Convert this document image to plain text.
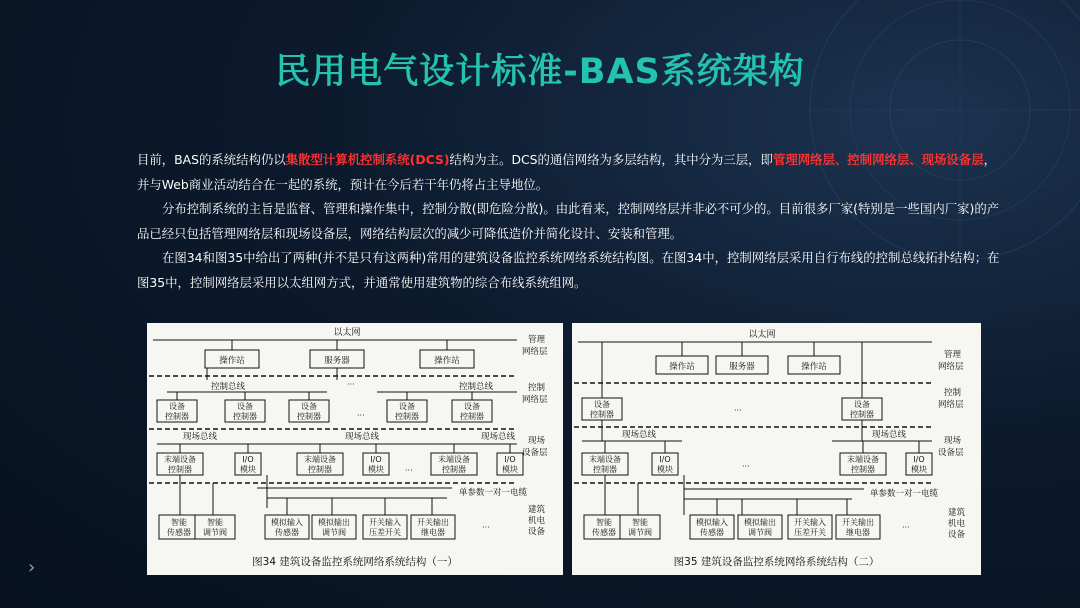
民用电气设计标准-BAS系统架构

目前，BAS的系统结构仍以集散型计算机控制系统(DCS)结构为主。DCS的通信网络为多层结构，其中分为三层，即管理网络层、控制网络层、现场设备层，并与Web商业活动结合在一起的系统，预计在今后若干年仍将占主导地位。

分布控制系统的主旨是监督、管理和操作集中，控制分散(即危险分散)。由此看来，控制网络层并非必不可少的。目前很多厂家(特别是一些国内厂家)的产品已经只包括管理网络层和现场设备层，网络结构层次的减少可降低造价并简化设计、安装和管理。

在图34和图35中给出了两种(并不是只有这两种)常用的建筑设备监控系统网络系统结构图。在图34中，控制网络层采用自行布线的控制总线拓扑结构；在图35中，控制网络层采用以太组网方式，并通常使用建筑物的综合布线系统组网。

以太网
管理
网络层
操作站	服务器	操作站
···
控制总线	控制总线	控制
网络层
设备
控制器
设备
控制器
设备
控制器
设备
控制器
设备
控制器
···
现场总线	现场总线	现场总线 现场
设备层
末端设备
控制器
I/O
模块
末端设备
控制器
I/O
模块
末端设备
控制器
I/O
模块
···
单参数一对一电缆
建筑
机电
设备
智能
传感器
智能
调节阀
模拟输入
传感器
模拟输出
调节阀
开关输入
压差开关
开关输出
继电器
···
图34 建筑设备监控系统网络系统结构（一）
以太网
管理
网络层
操作站	服务器	操作站
控制
网络层
设备
控制器
设备
控制器
···
现场总线	现场总线
现场
设备层
末端设备
控制器
I/O
模块
末端设备
控制器
I/O
模块
···
单参数一对一电缆
建筑
机电
设备
智能
传感器
智能
调节阀
模拟输入
传感器
模拟输出
调节阀
开关输入
压差开关
开关输出
继电器
···
图35 建筑设备监控系统网络系统结构（二）
›
